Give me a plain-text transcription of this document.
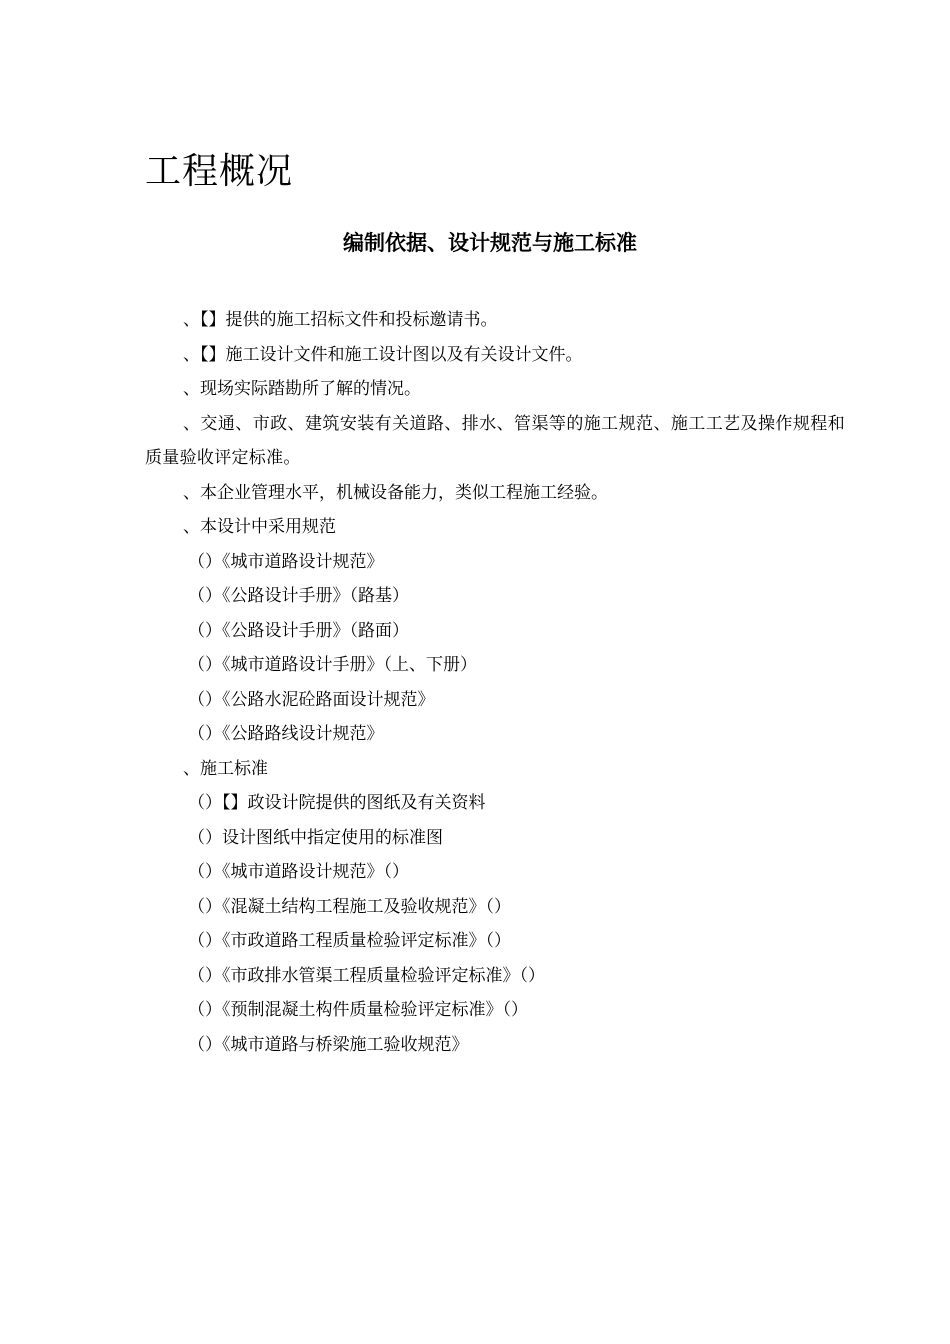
工程概况
编制依据、设计规范与施工标准

、【】提供的施工招标文件和投标邀请书。

、【】施工设计文件和施工设计图以及有关设计文件。

、现场实际踏勘所了解的情况。

、交通、市政、建筑安装有关道路、排水、管渠等的施工规范、施工工艺及操作规程和质量验收评定标准。

、本企业管理水平，机械设备能力，类似工程施工经验。

、本设计中采用规范

（）《城市道路设计规范》

（）《公路设计手册》（路基）

（）《公路设计手册》（路面）

（）《城市道路设计手册》（上、下册）

（）《公路水泥砼路面设计规范》

（）《公路路线设计规范》

、施工标准

（）【】政设计院提供的图纸及有关资料

（）设计图纸中指定使用的标准图

（）《城市道路设计规范》（）

（）《混凝土结构工程施工及验收规范》（）

（）《市政道路工程质量检验评定标准》（）

（）《市政排水管渠工程质量检验评定标准》（）

（）《预制混凝土构件质量检验评定标准》（）

（）《城市道路与桥梁施工验收规范》
